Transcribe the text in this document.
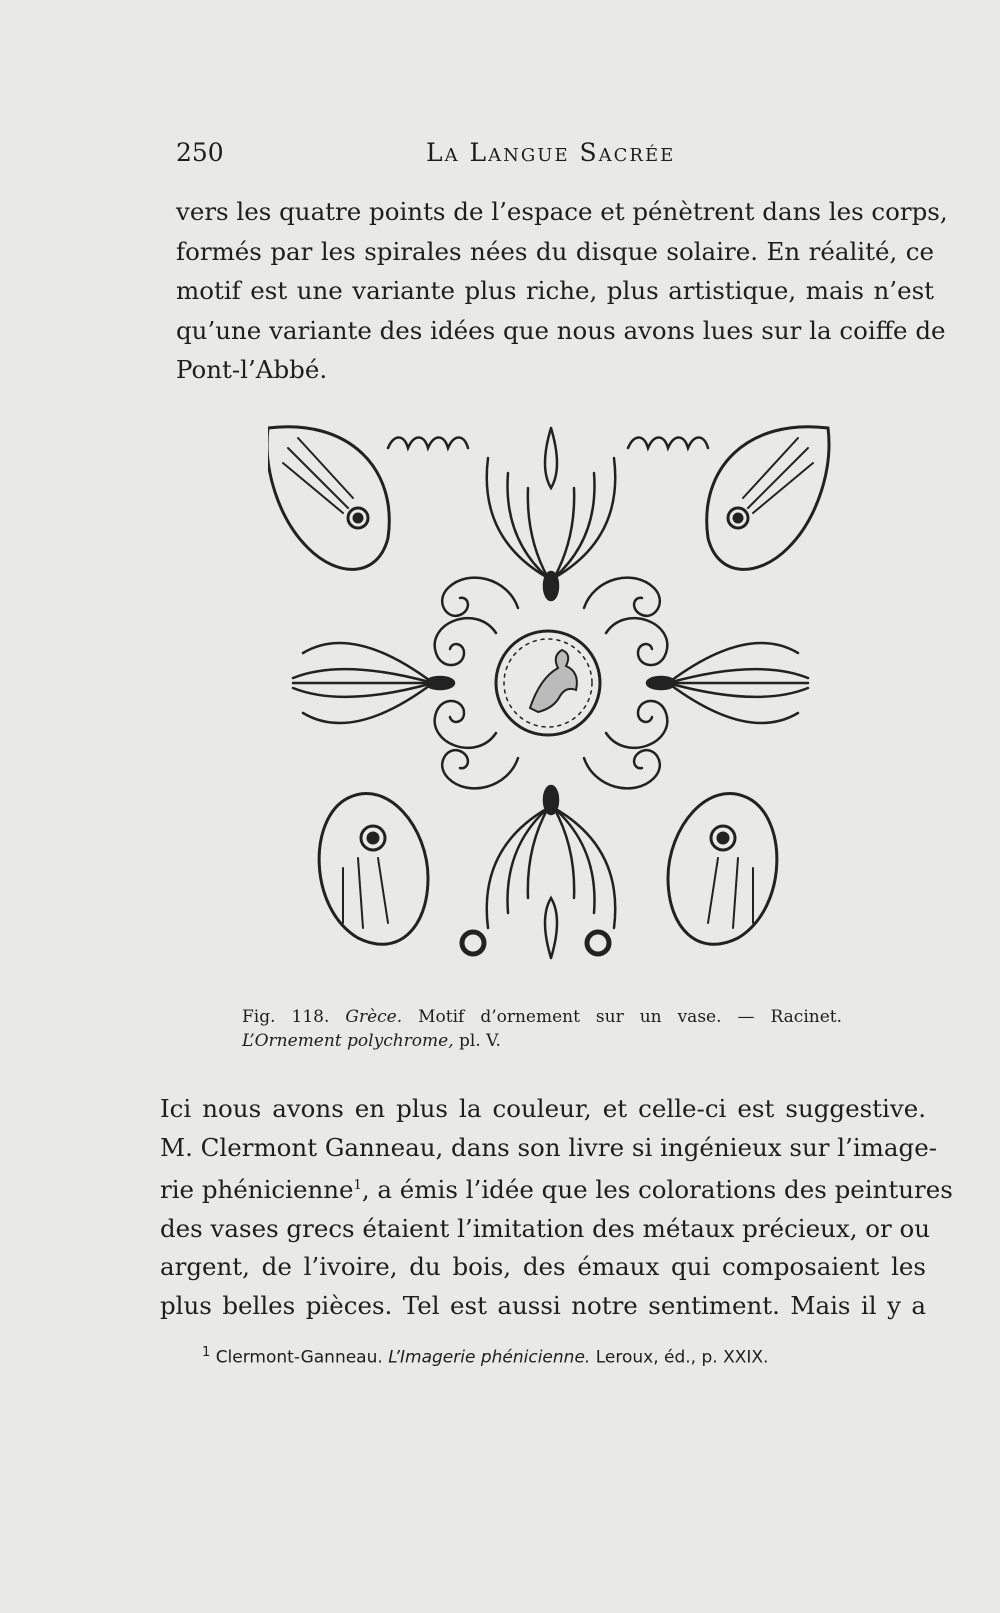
250	La Langue Sacrée

vers les quatre points de l’espace et pénètrent dans les corps,
formés par les spirales nées du disque solaire. En réalité, ce
motif est une variante plus riche, plus artistique, mais n’est
qu’une variante des idées que nous avons lues sur la coiffe de
Pont-l’Abbé.

Fig. 118. Grèce. Motif d’ornement sur un vase. — Racinet.
L’Ornement polychrome, pl. V.

Ici nous avons en plus la couleur, et celle-ci est suggestive.
M. Clermont Ganneau, dans son livre si ingénieux sur l’image-
rie phénicienne$^1$, a émis l’idée que les colorations des peintures
des vases grecs étaient l’imitation des métaux précieux, or ou
argent, de l’ivoire, du bois, des émaux qui composaient les
plus belles pièces. Tel est aussi notre sentiment. Mais il y a

$^1$ Clermont-Ganneau. L’Imagerie phénicienne. Leroux, éd., p. XXIX.
